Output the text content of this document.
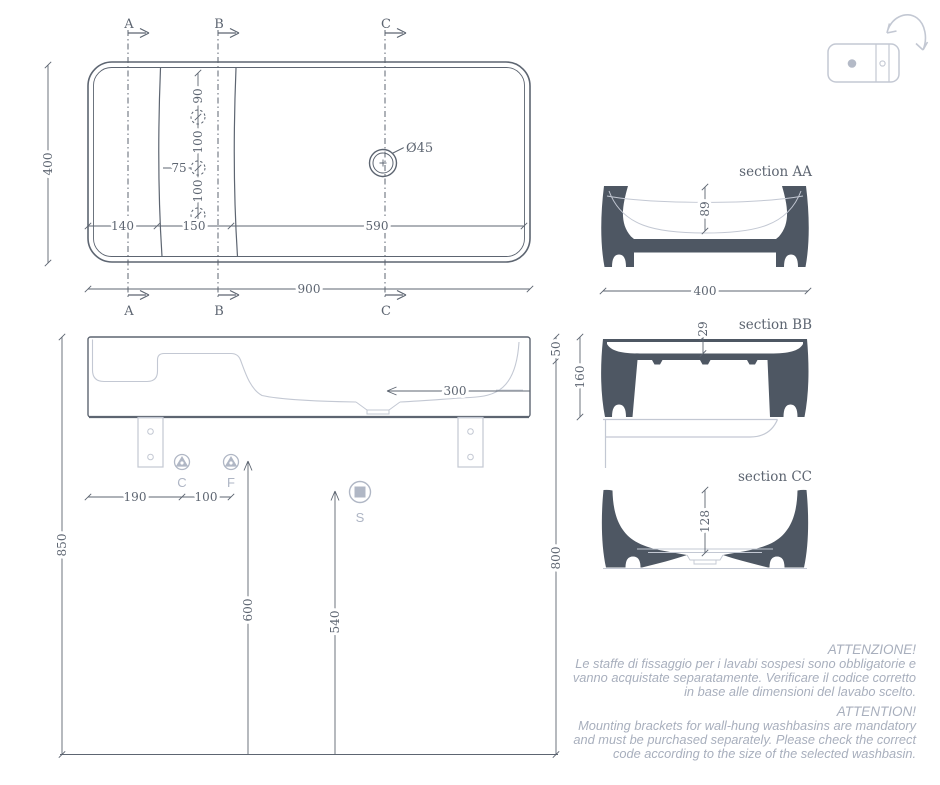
A	B	C
A	B	C
Ø45
400
140	150	590
900
90
100
100
75
300
850
50
800
160
600
540
190	100
C	F
S
section AA
89
400
section BB
29
section CC
128
ATTENZIONE!
Le staffe di fissaggio per i lavabi sospesi sono obbligatorie e
vanno acquistate separatamente. Verificare il codice corretto
in base alle dimensioni del lavabo scelto.
ATTENTION!
Mounting brackets for wall-hung washbasins are mandatory
and must be purchased separately. Please check the correct
code according to the size of the selected washbasin.
